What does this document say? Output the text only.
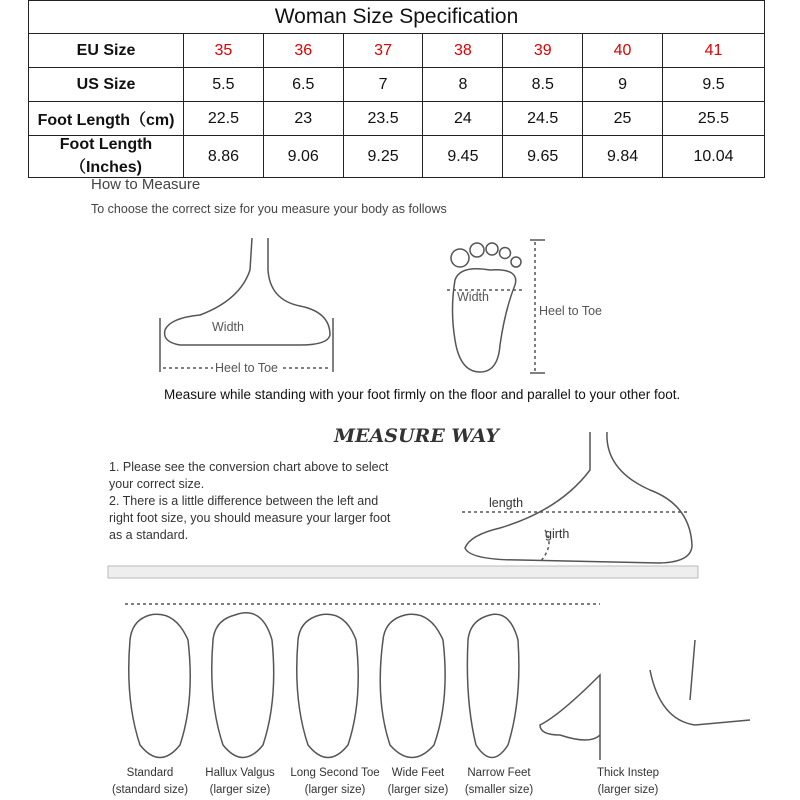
Woman Size Specification							
EU Size	35	36	37	38	39	40	41
US Size	5.5	6.5	7	8	8.5	9	9.5
Foot Length（cm)	22.5	23	23.5	24	24.5	25	25.5
Foot Length（Inches)	8.86	9.06	9.25	9.45	9.65	9.84	10.04
How to Measure
To choose the correct size for you measure your body as follows
Width
Heel to Toe
Width
Heel to Toe
Measure while standing with your foot firmly on the floor and parallel to your other foot.
MEASURE WAY
1. Please see the conversion chart above to select your correct size.
2. There is a little difference between the left and right foot size, you should measure your larger foot as a standard.
length
girth
Standard
(standard size)
Hallux Valgus
(larger size)
Long Second Toe
(larger size)
Wide Feet
(larger size)
Narrow Feet
(smaller size)
Thick Instep
(larger size)
